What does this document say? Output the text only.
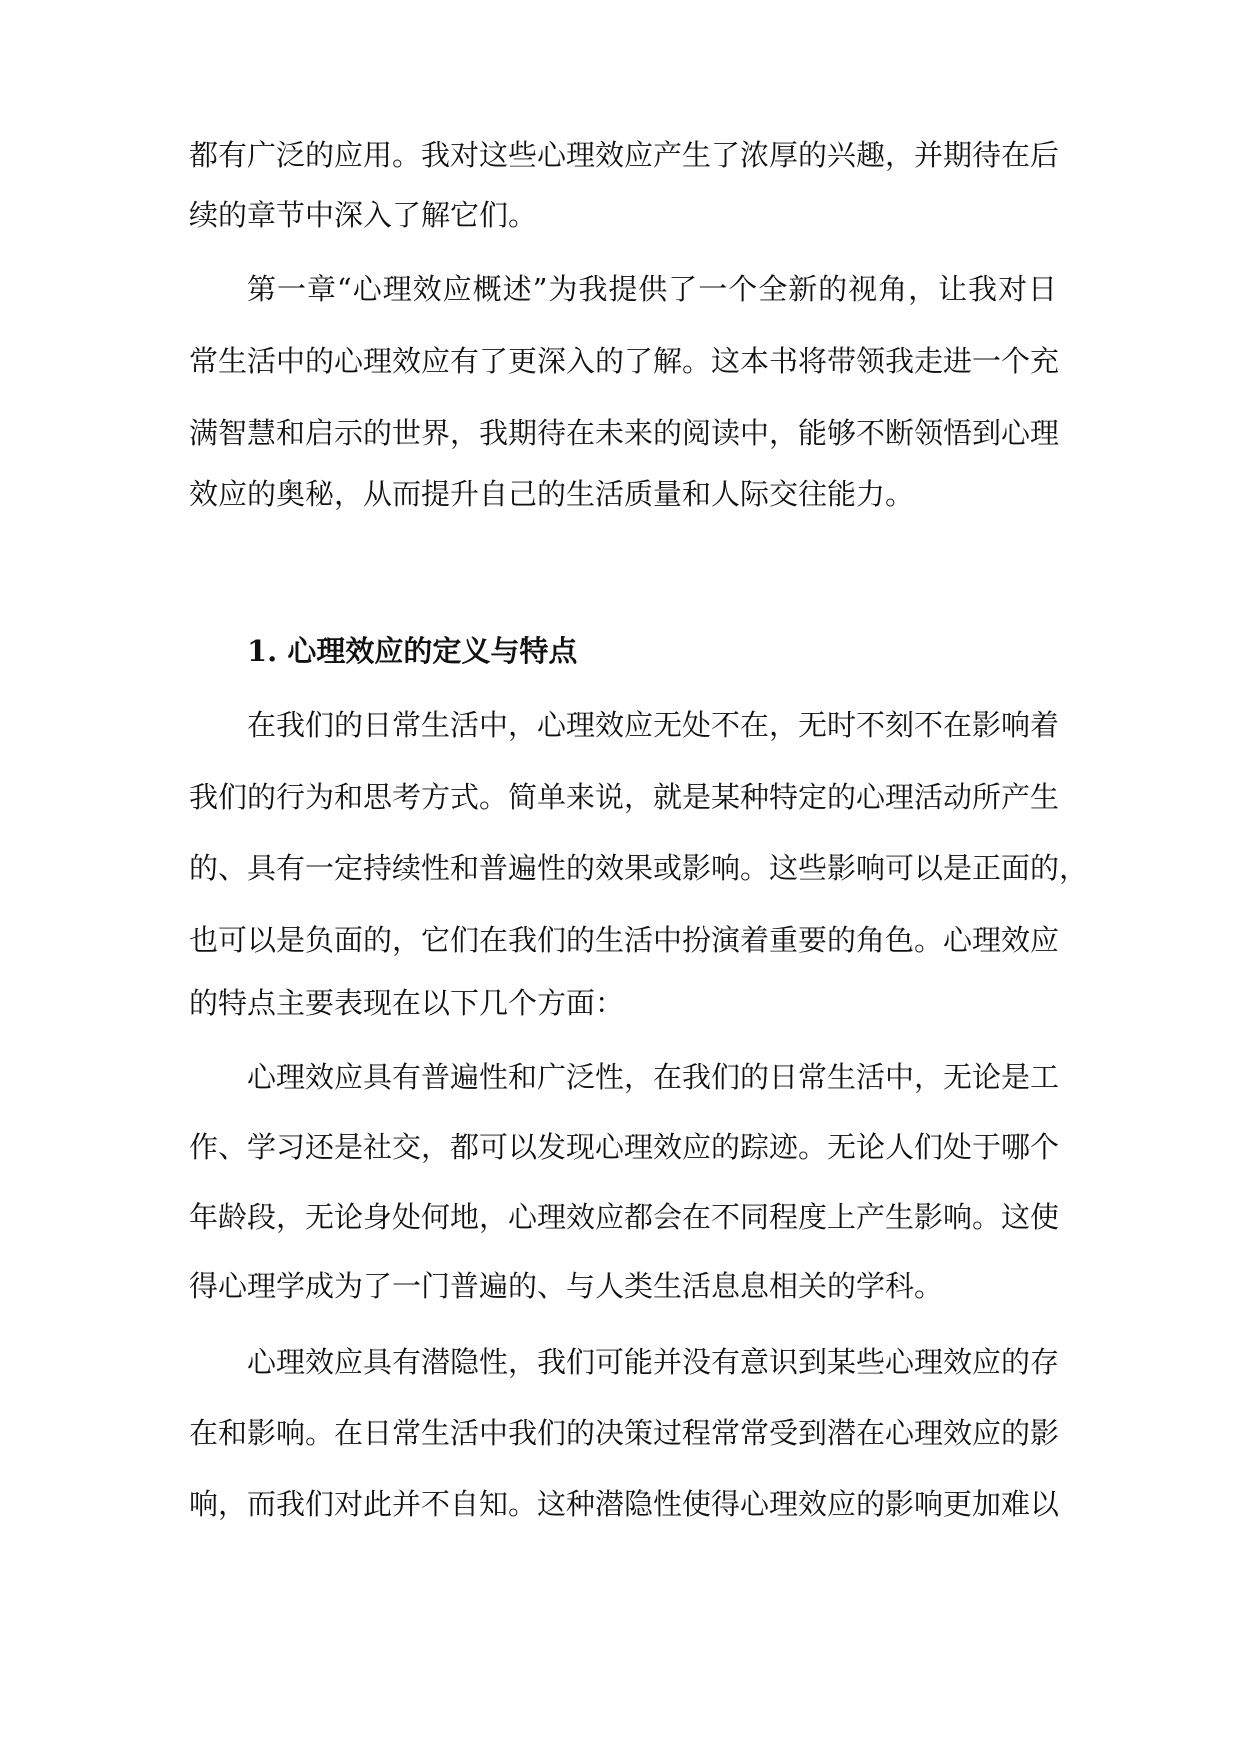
都有广泛的应用。我对这些心理效应产生了浓厚的兴趣，并期待在后
续的章节中深入了解它们。
第一章“心理效应概述”为我提供了一个全新的视角，让我对日
常生活中的心理效应有了更深入的了解。这本书将带领我走进一个充
满智慧和启示的世界，我期待在未来的阅读中，能够不断领悟到心理
效应的奥秘，从而提升自己的生活质量和人际交往能力。
1. 心理效应的定义与特点
在我们的日常生活中，心理效应无处不在，无时不刻不在影响着
我们的行为和思考方式。简单来说，就是某种特定的心理活动所产生
的、具有一定持续性和普遍性的效果或影响。这些影响可以是正面的，
也可以是负面的，它们在我们的生活中扮演着重要的角色。心理效应
的特点主要表现在以下几个方面：
心理效应具有普遍性和广泛性，在我们的日常生活中，无论是工
作、学习还是社交，都可以发现心理效应的踪迹。无论人们处于哪个
年龄段，无论身处何地，心理效应都会在不同程度上产生影响。这使
得心理学成为了一门普遍的、与人类生活息息相关的学科。
心理效应具有潜隐性，我们可能并没有意识到某些心理效应的存
在和影响。在日常生活中我们的决策过程常常受到潜在心理效应的影
响，而我们对此并不自知。这种潜隐性使得心理效应的影响更加难以
